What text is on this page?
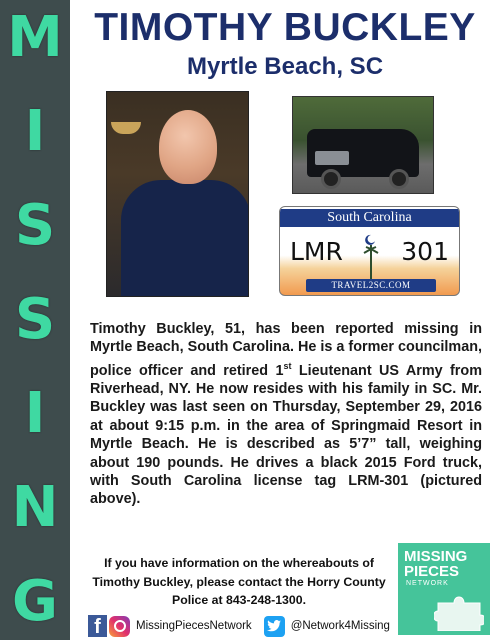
M
I
S
S
I
N
G
TIMOTHY BUCKLEY
Myrtle Beach, SC
South Carolina
LMR 301
TRAVEL2SC.COM

Timothy Buckley, 51, has been reported missing in Myrtle Beach, South Carolina. He is a former councilman, police officer and retired 1st Lieutenant US Army from Riverhead, NY. He now resides with his family in SC. Mr. Buckley was last seen on Thursday, September 29, 2016 at about 9:15 p.m. in the area of Springmaid Resort in Myrtle Beach. He is described as 5’7” tall, weighing about 190 pounds. He drives a black 2015 Ford truck, with South Carolina license tag LRM-301 (pictured above).

If you have information on the whereabouts of
Timothy Buckley, please contact the Horry County
Police at 843-248-1300.
f	MissingPiecesNetwork	@Network4Missing
MISSING
PIECES
NETWORK
